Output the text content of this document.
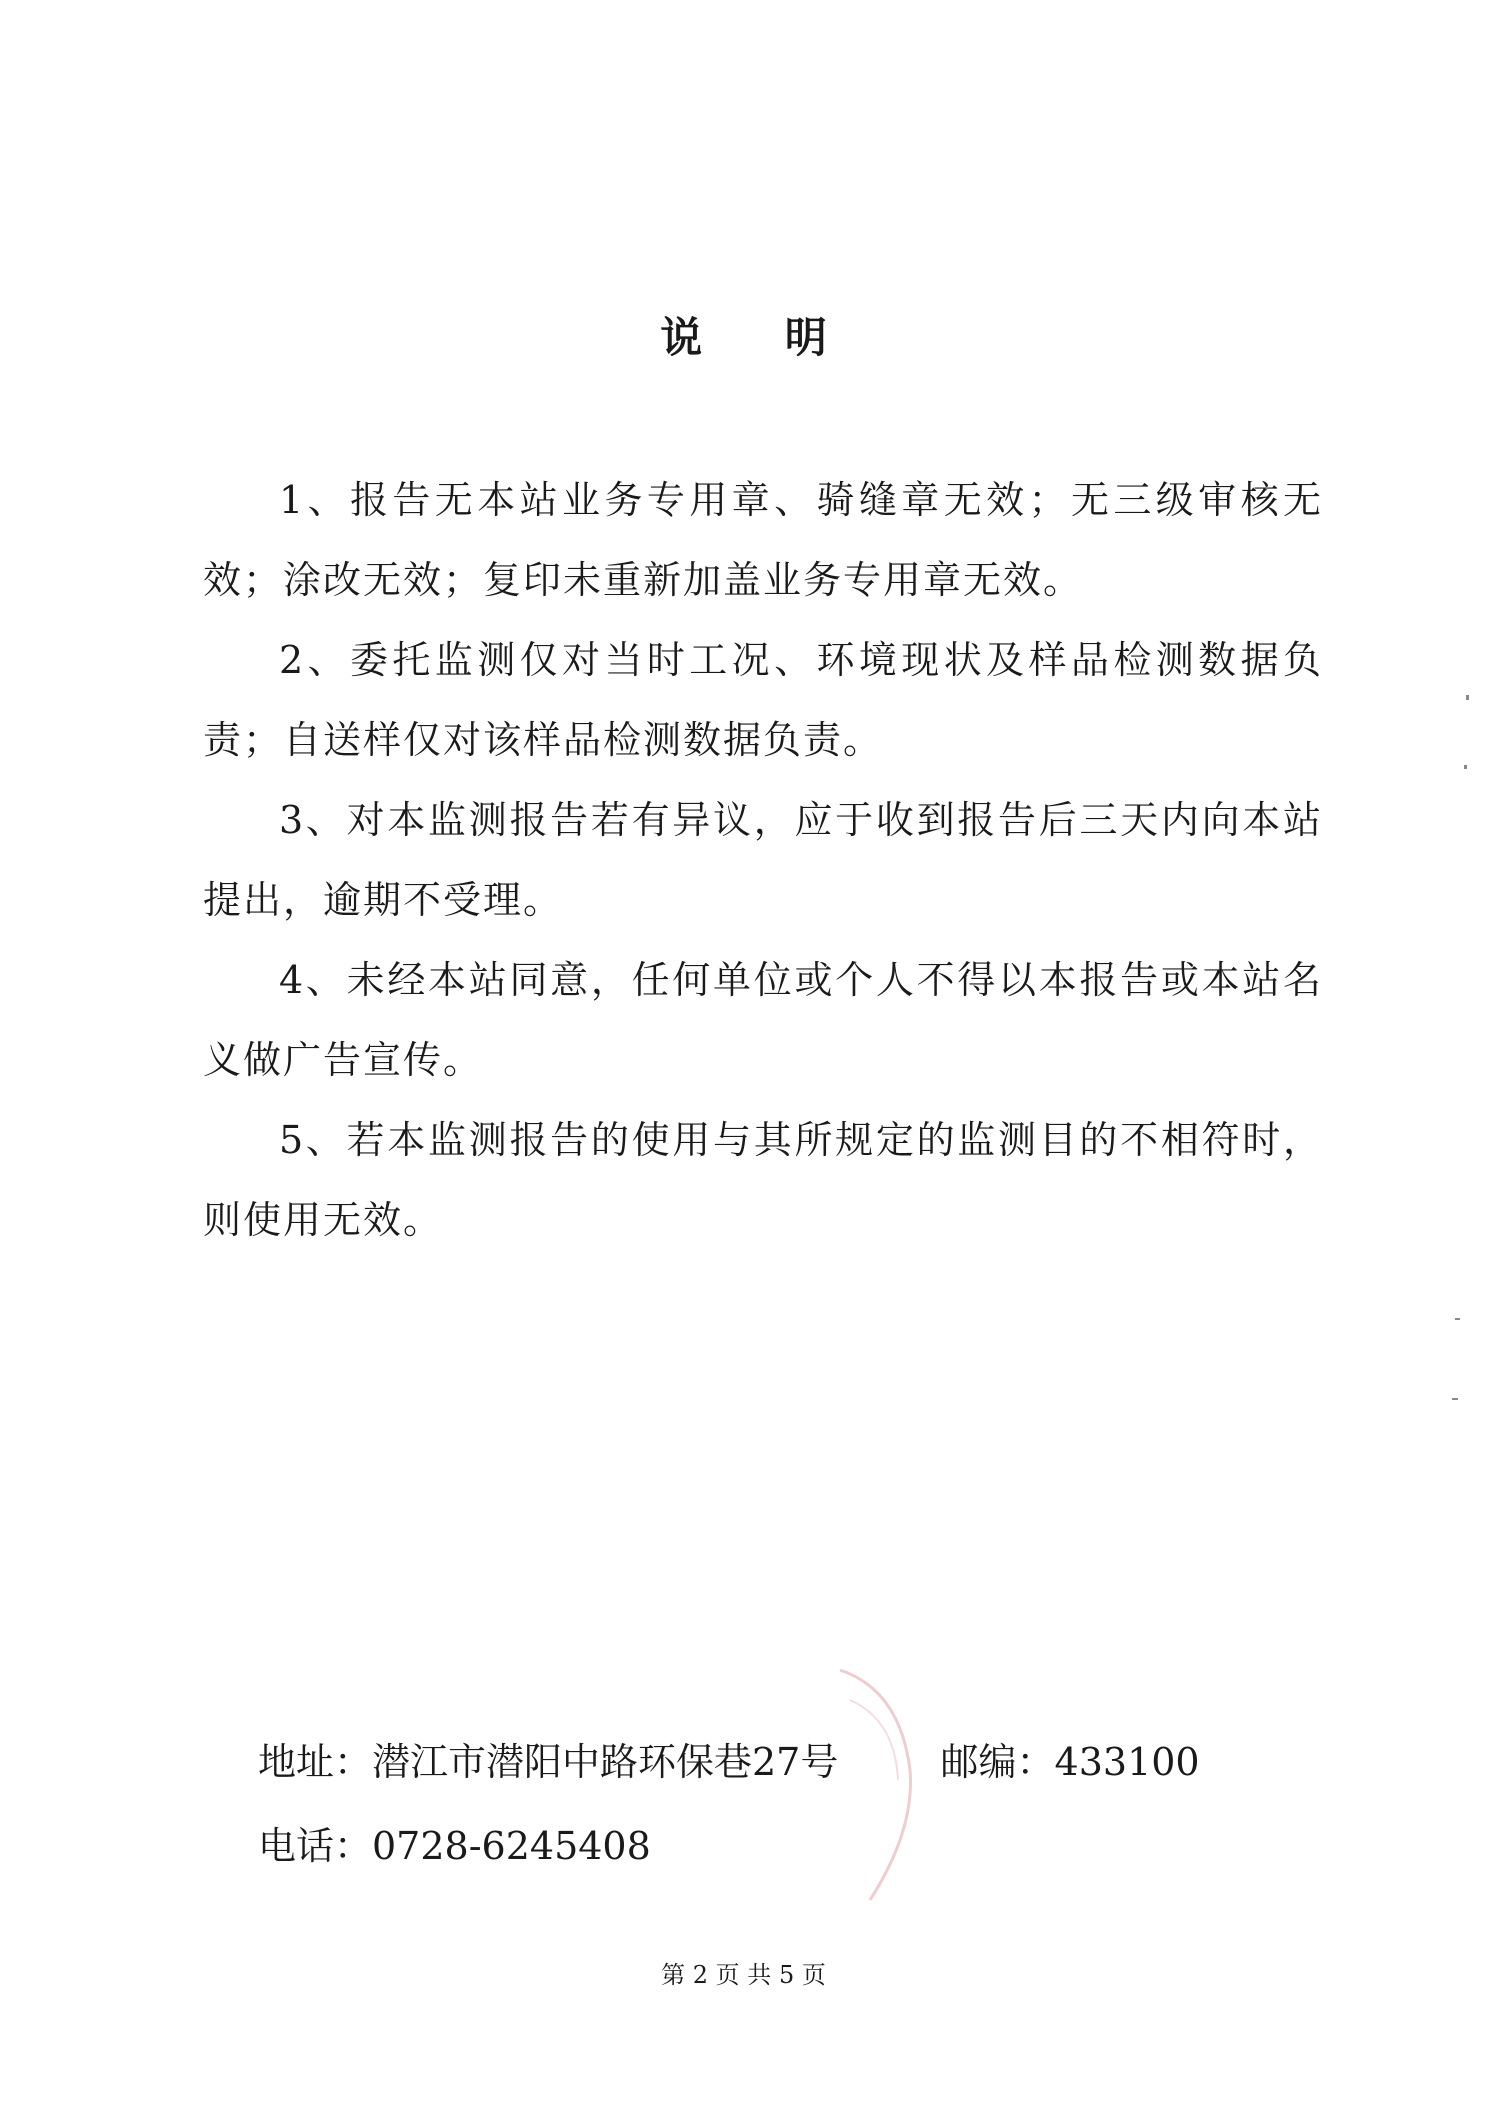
说 明

1、报告无本站业务专用章、骑缝章无效；无三级审核无效；涂改无效；复印未重新加盖业务专用章无效。

2、委托监测仅对当时工况、环境现状及样品检测数据负责；自送样仅对该样品检测数据负责。

3、对本监测报告若有异议，应于收到报告后三天内向本站提出，逾期不受理。

4、未经本站同意，任何单位或个人不得以本报告或本站名义做广告宣传。

5、若本监测报告的使用与其所规定的监测目的不相符时，则使用无效。

地址：潜江市潜阳中路环保巷27号	邮编：433100
电话：0728-6245408
第 2 页 共 5 页
